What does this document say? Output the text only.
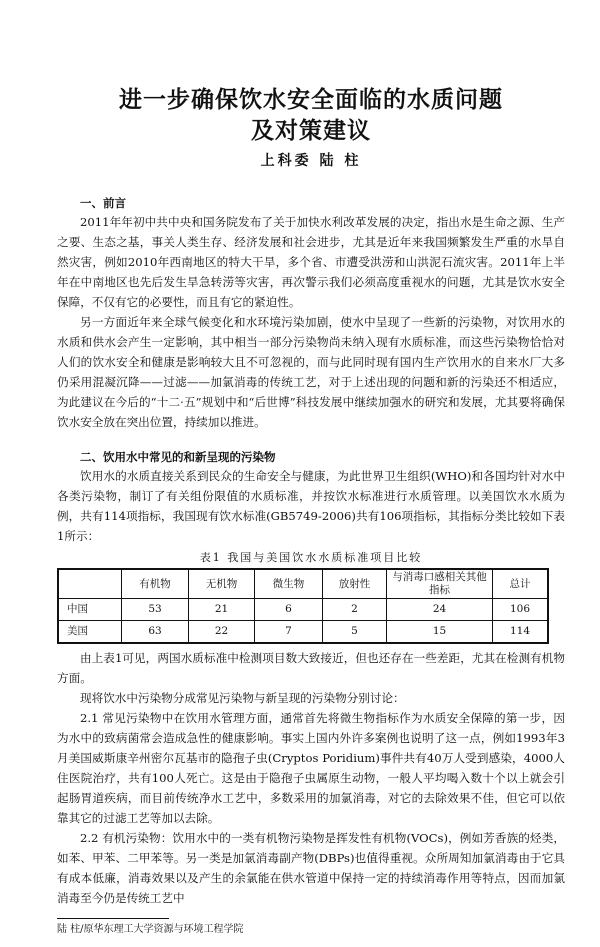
进一步确保饮水安全面临的水质问题
及对策建议
上科委 陆 柱
一、前言

2011年年初中共中央和国务院发布了关于加快水利改革发展的决定，指出水是生命之源、生产之要、生态之基，事关人类生存、经济发展和社会进步，尤其是近年来我国频繁发生严重的水旱自然灾害，例如2010年西南地区的特大干旱，多个省、市遭受洪涝和山洪泥石流灾害。2011年上半年在中南地区也先后发生旱急转涝等灾害，再次警示我们必须高度重视水的问题，尤其是饮水安全保障，不仅有它的必要性，而且有它的紧迫性。

另一方面近年来全球气候变化和水环境污染加剧，使水中呈现了一些新的污染物，对饮用水的水质和供水会产生一定影响，其中相当一部分污染物尚未纳入现有水质标准，而这些污染物恰恰对人们的饮水安全和健康是影响较大且不可忽视的，而与此同时现有国内生产饮用水的自来水厂大多仍采用混凝沉降——过滤——加氯消毒的传统工艺，对于上述出现的问题和新的污染还不相适应，为此建议在今后的“十二·五”规划中和“后世博”科技发展中继续加强水的研究和发展，尤其要将确保饮水安全放在突出位置，持续加以推进。

二、饮用水中常见的和新呈现的污染物

饮用水的水质直接关系到民众的生命安全与健康，为此世界卫生组织(WHO)和各国均针对水中各类污染物，制订了有关组份限值的水质标准，并按饮水标准进行水质管理。以美国饮水水质为例，共有114项指标，我国现有饮水标准(GB5749-2006)共有106项指标，其指标分类比较如下表1所示：

表1 我国与美国饮水水质标准项目比较
	有机物	无机物	微生物	放射性	与消毒口感相关其他指标	总计
中国	53	21	6	2	24	106
美国	63	22	7	5	15	114

由上表1可见，两国水质标准中检测项目数大致接近，但也还存在一些差距，尤其在检测有机物方面。

现将饮水中污染物分成常见污染物与新呈现的污染物分别讨论：

2.1 常见污染物中在饮用水管理方面，通常首先将微生物指标作为水质安全保障的第一步，因为水中的致病菌常会造成急性的健康影响。事实上国内外许多案例也说明了这一点，例如1993年3月美国威斯康辛州密尔瓦基市的隐孢子虫(Cryptos Poridium)事件共有40万人受到感染，4000人住医院治疗，共有100人死亡。这是由于隐孢子虫属原生动物，一般人平均喝入数十个以上就会引起肠胃道疾病，而目前传统净水工艺中，多数采用的加氯消毒，对它的去除效果不佳，但它可以依靠其它的过滤工艺等加以去除。

2.2 有机污染物：饮用水中的一类有机物污染物是挥发性有机物(VOCs)，例如芳香族的烃类，如苯、甲苯、二甲苯等。另一类是加氯消毒副产物(DBPs)也值得重视。众所周知加氯消毒由于它具有成本低廉，消毒效果以及产生的余氯能在供水管道中保持一定的持续消毒作用等特点，因而加氯消毒至今仍是传统工艺中

陆 柱/原华东理工大学资源与环境工程学院
